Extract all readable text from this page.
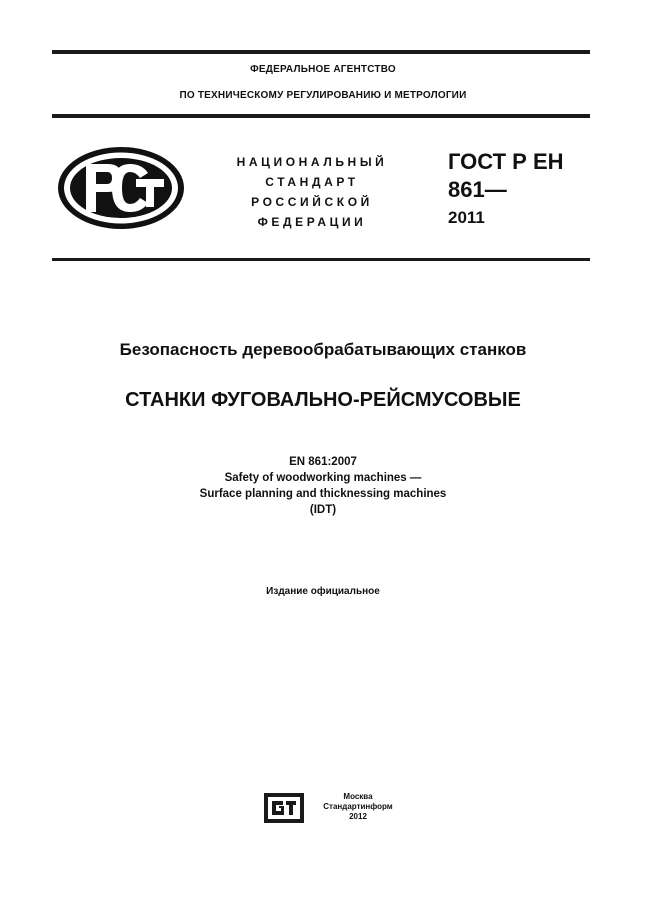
ФЕДЕРАЛЬНОЕ АГЕНТСТВО
ПО ТЕХНИЧЕСКОМУ РЕГУЛИРОВАНИЮ И МЕТРОЛОГИИ
НАЦИОНАЛЬНЫЙ
СТАНДАРТ
РОССИЙСКОЙ
ФЕДЕРАЦИИ
ГОСТ Р ЕН
861—
2011
Безопасность деревообрабатывающих станков
СТАНКИ ФУГОВАЛЬНО-РЕЙСМУСОВЫЕ
EN 861:2007
Safety of woodworking machines —
Surface planning and thicknessing machines
(IDT)
Издание официальное
Москва
Стандартинформ
2012
